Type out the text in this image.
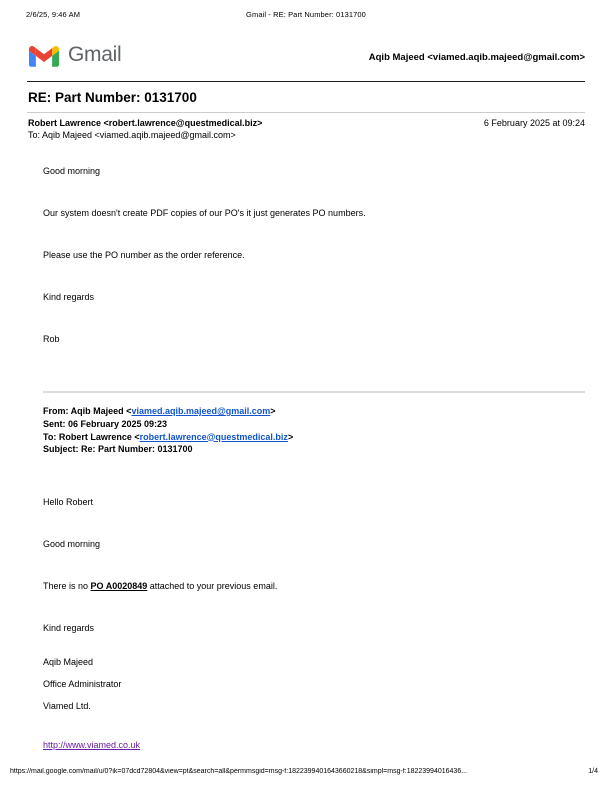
2/6/25, 9:46 AM	Gmail - RE: Part Number: 0131700
Gmail	Aqib Majeed <viamed.aqib.majeed@gmail.com>
RE: Part Number: 0131700
Robert Lawrence <robert.lawrence@questmedical.biz>	6 February 2025 at 09:24
To: Aqib Majeed <viamed.aqib.majeed@gmail.com>

Good morning

Our system doesn't create PDF copies of our PO's it just generates PO numbers.

Please use the PO number as the order reference.

Kind regards

Rob

From: Aqib Majeed <viamed.aqib.majeed@gmail.com>
Sent: 06 February 2025 09:23
To: Robert Lawrence <robert.lawrence@questmedical.biz>
Subject: Re: Part Number: 0131700

Hello Robert

Good morning

There is no PO A0020849 attached to your previous email.

Kind regards

Aqib Majeed

Office Administrator

Viamed Ltd.

http://www.viamed.co.uk

https://mail.google.com/mail/u/0?ik=07dcd72804&view=pt&search=all&permmsgid=msg-f:1822399401643660218&simpl=msg-f:18223994016436...	1/4
